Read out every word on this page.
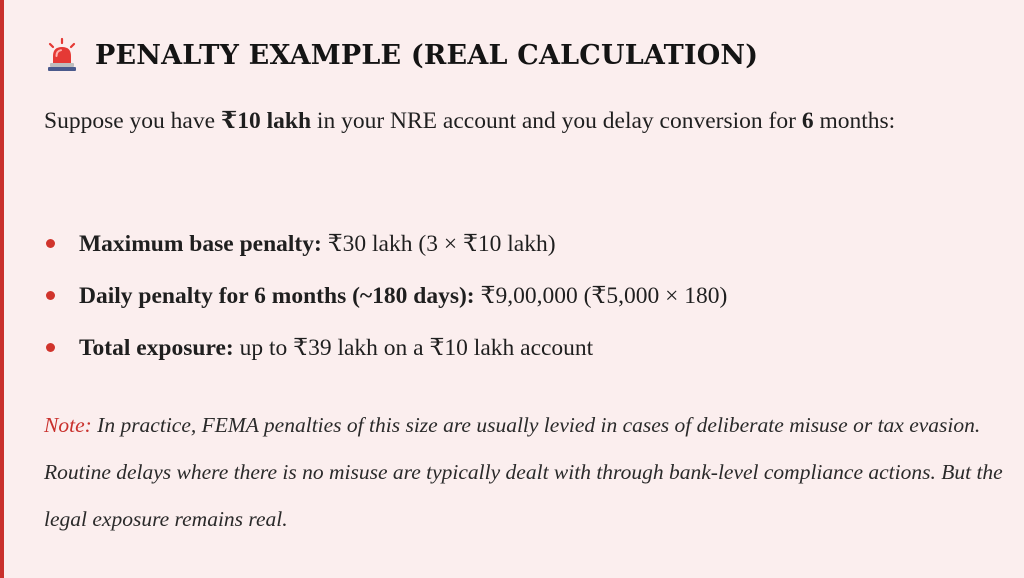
PENALTY EXAMPLE (REAL CALCULATION)

Suppose you have ₹10 lakh in your NRE account and you delay conversion for 6 months:

Maximum base penalty: ₹30 lakh (3 × ₹10 lakh)
Daily penalty for 6 months (~180 days): ₹9,00,000 (₹5,000 × 180)
Total exposure: up to ₹39 lakh on a ₹10 lakh account

Note: In practice, FEMA penalties of this size are usually levied in cases of deliberate misuse or tax evasion. Routine delays where there is no misuse are typically dealt with through bank-level compliance actions. But the legal exposure remains real.
